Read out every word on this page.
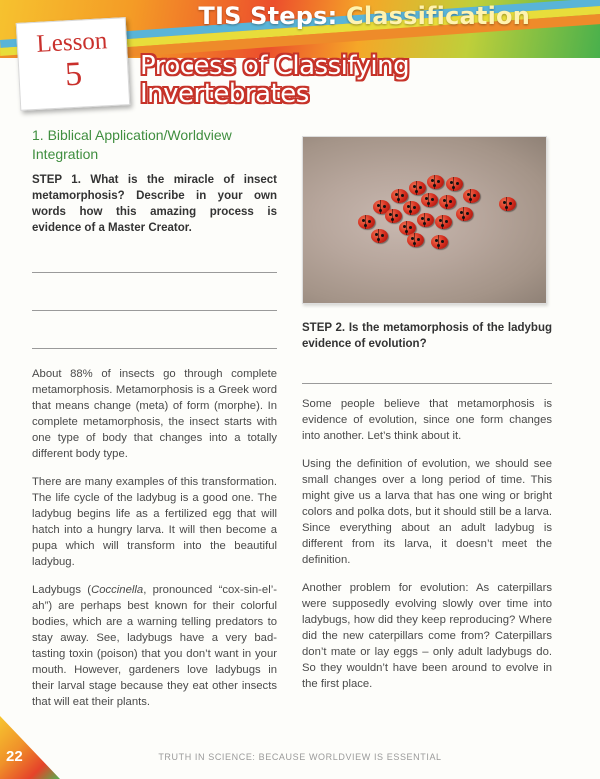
TIS Steps: Classification
Lesson
5	Process of Classifying
Invertebrates

1. Biblical Application/Worldview Integration

STEP 1. What is the miracle of insect metamorphosis? Describe in your own words how this amazing process is evidence of a Master Creator.

About 88% of insects go through complete metamorphosis. Metamorphosis is a Greek word that means change (meta) of form (morphe). In complete metamorphosis, the insect starts with one type of body that changes into a totally different body type.

There are many examples of this transformation. The life cycle of the ladybug is a good one. The ladybug begins life as a fertilized egg that will hatch into a hungry larva. It will then become a pupa which will transform into the beautiful ladybug.

Ladybugs (Coccinella, pronounced “cox-sin-el’-ah”) are perhaps best known for their colorful bodies, which are a warning telling predators to stay away. See, ladybugs have a very bad-tasting toxin (poison) that you don’t want in your mouth. However, gardeners love ladybugs in their larval stage because they eat other insects that will eat their plants.

STEP 2. Is the metamorphosis of the ladybug evidence of evolution?

Some people believe that metamorphosis is evidence of evolution, since one form changes into another. Let’s think about it.

Using the definition of evolution, we should see small changes over a long period of time. This might give us a larva that has one wing or bright colors and polka dots, but it should still be a larva. Since everything about an adult ladybug is different from its larva, it doesn’t meet the definition.

Another problem for evolution: As caterpillars were supposedly evolving slowly over time into ladybugs, how did they keep reproducing? Where did the new caterpillars come from? Caterpillars don’t mate or lay eggs – only adult ladybugs do. So they wouldn’t have been around to evolve in the first place.

22	TRUTH IN SCIENCE: BECAUSE WORLDVIEW IS ESSENTIAL
